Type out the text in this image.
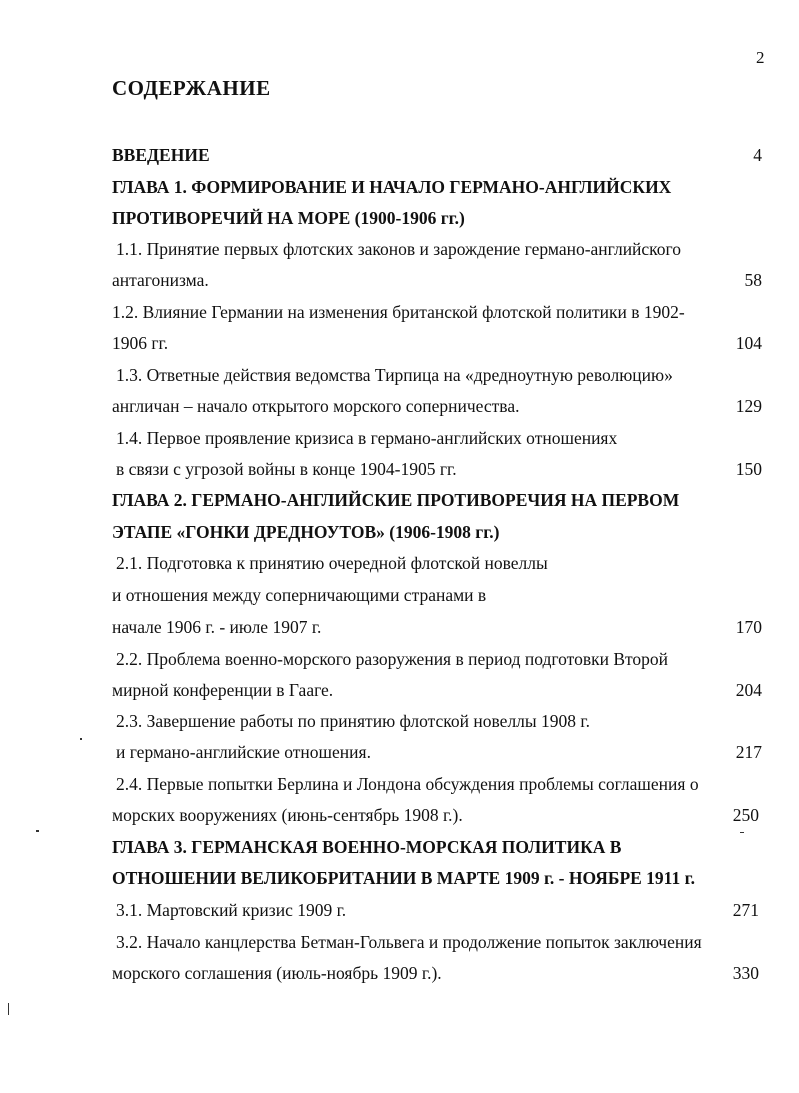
2
СОДЕРЖАНИЕ
ВВЕДЕНИЕ	4
ГЛАВА 1. ФОРМИРОВАНИЕ И НАЧАЛО ГЕРМАНО-АНГЛИЙСКИХ
ПРОТИВОРЕЧИЙ НА МОРЕ (1900-1906 гг.)
1.1. Принятие первых флотских законов и зарождение германо-английского
антагонизма.	58
1.2. Влияние Германии на изменения британской флотской политики в 1902-
1906 гг.	104
1.3. Ответные действия ведомства Тирпица на «дредноутную революцию»
англичан – начало открытого морского соперничества.	129
1.4. Первое проявление кризиса в германо-английских отношениях
в связи с угрозой войны в конце 1904-1905 гг.	150
ГЛАВА 2. ГЕРМАНО-АНГЛИЙСКИЕ ПРОТИВОРЕЧИЯ НА ПЕРВОМ
ЭТАПЕ «ГОНКИ ДРЕДНОУТОВ» (1906-1908 гг.)
2.1. Подготовка к принятию очередной флотской новеллы
и отношения между соперничающими странами в
начале 1906 г. - июле 1907 г.	170
2.2. Проблема военно-морского разоружения в период подготовки Второй
мирной конференции в Гааге.	204
2.3. Завершение работы по принятию флотской новеллы 1908 г.
и германо-английские отношения.	217
2.4. Первые попытки Берлина и Лондона обсуждения проблемы соглашения о
морских вооружениях (июнь-сентябрь 1908 г.).	250
ГЛАВА 3. ГЕРМАНСКАЯ ВОЕННО-МОРСКАЯ ПОЛИТИКА В
ОТНОШЕНИИ ВЕЛИКОБРИТАНИИ В МАРТЕ 1909 г. - НОЯБРЕ 1911 г.
3.1. Мартовский кризис 1909 г.	271
3.2. Начало канцлерства Бетман-Гольвега и продолжение попыток заключения
морского соглашения (июль-ноябрь 1909 г.).	330
